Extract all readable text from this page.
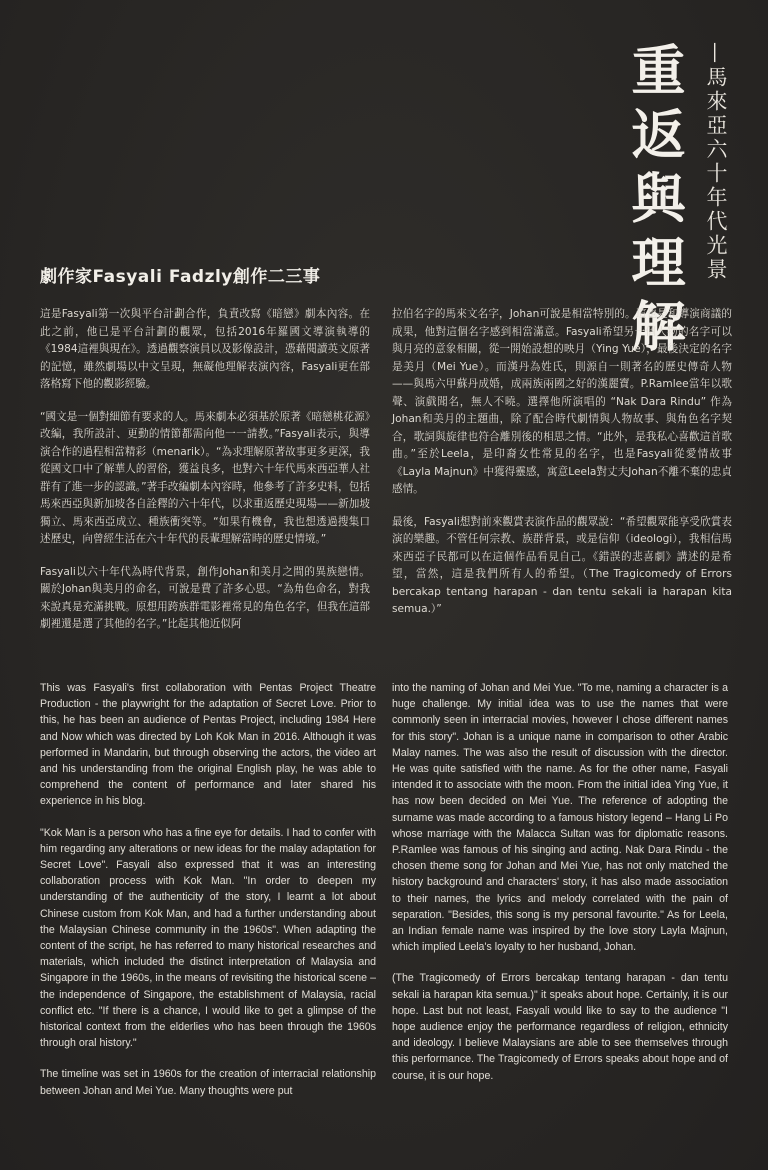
重返與理解 —馬來亞六十年代光景
劇作家Fasyali Fadzly創作二三事

這是Fasyali第一次與平台計劃合作，負責改寫《暗戀》劇本內容。在此之前，他已是平台計劃的觀眾，包括2016年羅國文導演執導的《1984這裡與現在》。透過觀察演員以及影像設計，憑藉閱讀英文原著的記憶，雖然劇場以中文呈現，無礙他理解表演內容，Fasyali更在部落格寫下他的觀影經驗。

“國文是一個對細節有要求的人。馬來劇本必須基於原著《暗戀桃花源》改編，我所設計、更動的情節都需向他一一請教。”Fasyali表示，與導演合作的過程相當精彩（menarik）。“為求理解原著故事更多更深，我從國文口中了解華人的習俗，獲益良多，也對六十年代馬來西亞華人社群有了進一步的認識。”著手改編劇本內容時，他參考了許多史料，包括馬來西亞與新加坡各自詮釋的六十年代，以求重返歷史現場——新加坡獨立、馬來西亞成立、種族衝突等。“如果有機會，我也想透過搜集口述歷史，向曾經生活在六十年代的長輩理解當時的歷史情境。”

Fasyali以六十年代為時代背景，創作Johan和美月之間的異族戀情。關於Johan與美月的命名，可說是費了許多心思。“為角色命名，對我來說真是充滿挑戰。原想用跨族群電影裡常見的角色名字，但我在這部劇裡還是選了其他的名字。”比起其他近似阿

拉伯名字的馬來文名字，Johan可說是相當特別的。這也是和導演商議的成果，他對這個名字感到相當滿意。Fasyali希望另一個人物的名字可以與月亮的意象相關，從一開始設想的映月（Ying Yue），最後決定的名字是美月（Mei Yue）。而漢丹為姓氏，則源自一則著名的歷史傳奇人物——與馬六甲蘇丹成婚，成兩族兩國之好的漢麗寶。P.Ramlee當年以歌聲、演戲聞名，無人不曉。選擇他所演唱的 “Nak Dara Rindu” 作為Johan和美月的主題曲，除了配合時代劇情與人物故事、與角色名字契合，歌詞與旋律也符合離別後的相思之情。“此外，是我私心喜歡這首歌曲。”至於Leela，是印裔女性常見的名字，也是Fasyali從愛情故事《Layla Majnun》中獲得靈感，寓意Leela對丈夫Johan不離不棄的忠貞感情。

最後，Fasyali想對前來觀賞表演作品的觀眾說：“希望觀眾能享受欣賞表演的樂趣。不管任何宗教、族群背景，或是信仰（ideologi），我相信馬來西亞子民都可以在這個作品看見自己。《錯誤的悲喜劇》講述的是希望，當然，這是我們所有人的希望。（The Tragicomedy of Errors bercakap tentang harapan - dan tentu sekali ia harapan kita semua.）”

This was Fasyali's first collaboration with Pentas Project Theatre Production - the playwright for the adaptation of Secret Love. Prior to this, he has been an audience of Pentas Project, including 1984 Here and Now which was directed by Loh Kok Man in 2016. Although it was performed in Mandarin, but through observing the actors, the video art and his understanding from the original English play, he was able to comprehend the content of performance and later shared his experience in his blog.

"Kok Man is a person who has a fine eye for details. I had to confer with him regarding any alterations or new ideas for the malay adaptation for Secret Love". Fasyali also expressed that it was an interesting collaboration process with Kok Man. "In order to deepen my understanding of the authenticity of the story, I learnt a lot about Chinese custom from Kok Man, and had a further understanding about the Malaysian Chinese community in the 1960s". When adapting the content of the script, he has referred to many historical researches and materials, which included the distinct interpretation of Malaysia and Singapore in the 1960s, in the means of revisiting the historical scene – the independence of Singapore, the establishment of Malaysia, racial conflict etc. "If there is a chance, I would like to get a glimpse of the historical context from the elderlies who has been through the 1960s through oral history."

The timeline was set in 1960s for the creation of interracial relationship between Johan and Mei Yue. Many thoughts were put

into the naming of Johan and Mei Yue. "To me, naming a character is a huge challenge. My initial idea was to use the names that were commonly seen in interracial movies, however I chose different names for this story". Johan is a unique name in comparison to other Arabic Malay names. The was also the result of discussion with the director. He was quite satisfied with the name. As for the other name, Fasyali intended it to associate with the moon. From the initial idea Ying Yue, it has now been decided on Mei Yue. The reference of adopting the surname was made according to a famous history legend – Hang Li Po whose marriage with the Malacca Sultan was for diplomatic reasons. P.Ramlee was famous of his singing and acting. Nak Dara Rindu - the chosen theme song for Johan and Mei Yue, has not only matched the history background and characters' story, it has also made association to their names, the lyrics and melody correlated with the pain of separation. "Besides, this song is my personal favourite." As for Leela, an Indian female name was inspired by the love story Layla Majnun, which implied Leela's loyalty to her husband, Johan.

(The Tragicomedy of Errors bercakap tentang harapan - dan tentu sekali ia harapan kita semua.)" it speaks about hope. Certainly, it is our hope. Last but not least, Fasyali would like to say to the audience "I hope audience enjoy the performance regardless of religion, ethnicity and ideology. I believe Malaysians are able to see themselves through this performance. The Tragicomedy of Errors speaks about hope and of course, it is our hope.
